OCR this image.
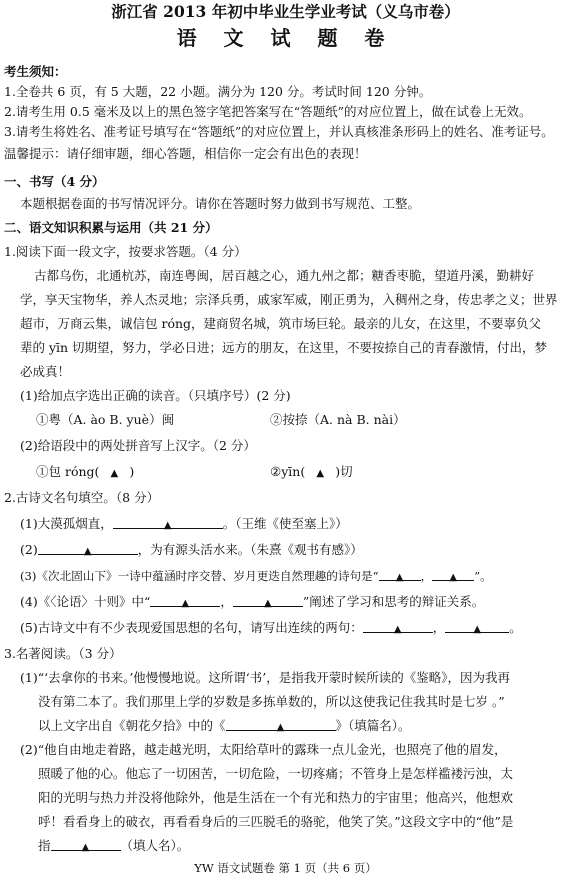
浙江省 2013 年初中毕业生学业考试（义乌市卷）
语 文 试 题 卷
考生须知：
1.全卷共 6 页，有 5 大题，22 小题。满分为 120 分。考试时间 120 分钟。
2.请考生用 0.5 毫米及以上的黑色签字笔把答案写在“答题纸”的对应位置上，做在试卷上无效。
3.请考生将姓名、准考证号填写在“答题纸”的对应位置上，并认真核准条形码上的姓名、准考证号。
温馨提示：请仔细审题，细心答题，相信你一定会有出色的表现！
一、书写（4 分）
本题根据卷面的书写情况评分。请你在答题时努力做到书写规范、工整。
二、语文知识积累与运用（共 21 分）
1.阅读下面一段文字，按要求答题。（4 分）
古都乌伤，北通杭苏，南连粤闽，居百越之心，通九州之都；糖香枣脆，望道丹溪，勤耕好
学，享天宝物华，养人杰灵地；宗泽兵勇，戚家军威，刚正勇为，入稠州之身，传忠孝之义；世界
超市，万商云集，诚信包 róng，建商贸名城，筑市场巨轮。最亲的儿女，在这里，不要辜负父
辈的 yīn 切期望，努力，学必日进；远方的朋友，在这里，不要按捺自己的青春激情，付出，梦
必成真！
(1)给加点字选出正确的读音。（只填序号）(2 分)
①粤（A. ào B. yuè）闽	②按捺（A. nà B. nài）
(2)给语段中的两处拼音写上汉字。（2 分）
①包 róng( ▲ )	②yīn( ▲ )切
2.古诗文名句填空。（8 分）
(1)大漠孤烟直，	▲	。（王维《使至塞上》）
(2)	▲	，为有源头活水来。（朱熹《观书有感》）
(3)《次北固山下》一诗中蕴涵时序交替、岁月更迭自然理趣的诗句是“ ▲ ， ▲ ”。
(4)《〈论语〉十则》中“	▲ ，	▲ ”阐述了学习和思考的辩证关系。
(5)古诗文中有不少表现爱国思想的名句，请写出连续的两句：	▲ ，	▲ 。
3.名著阅读。（3 分）
(1)“‘去拿你的书来。’他慢慢地说。这所谓‘书’，是指我开蒙时候所读的《鉴略》，因为我再
没有第二本了。我们那里上学的岁数是多拣单数的，所以这使我记住我其时是七岁 。”
以上文字出自《朝花夕拾》中的《	▲	》（填篇名）。
(2)“他自由地走着路，越走越光明，太阳给草叶的露珠一点儿金光，也照亮了他的眉发，
照暖了他的心。他忘了一切困苦，一切危险，一切疼痛；不管身上是怎样褴褛污浊，太
阳的光明与热力并没将他除外，他是生活在一个有光和热力的宇宙里；他高兴，他想欢
呼！看看身上的破衣，再看看身后的三匹脱毛的骆驼，他笑了笑。”这段文字中的“他”是
指	▲ （填人名）。
YW 语文试题卷 第 1 页（共 6 页）
